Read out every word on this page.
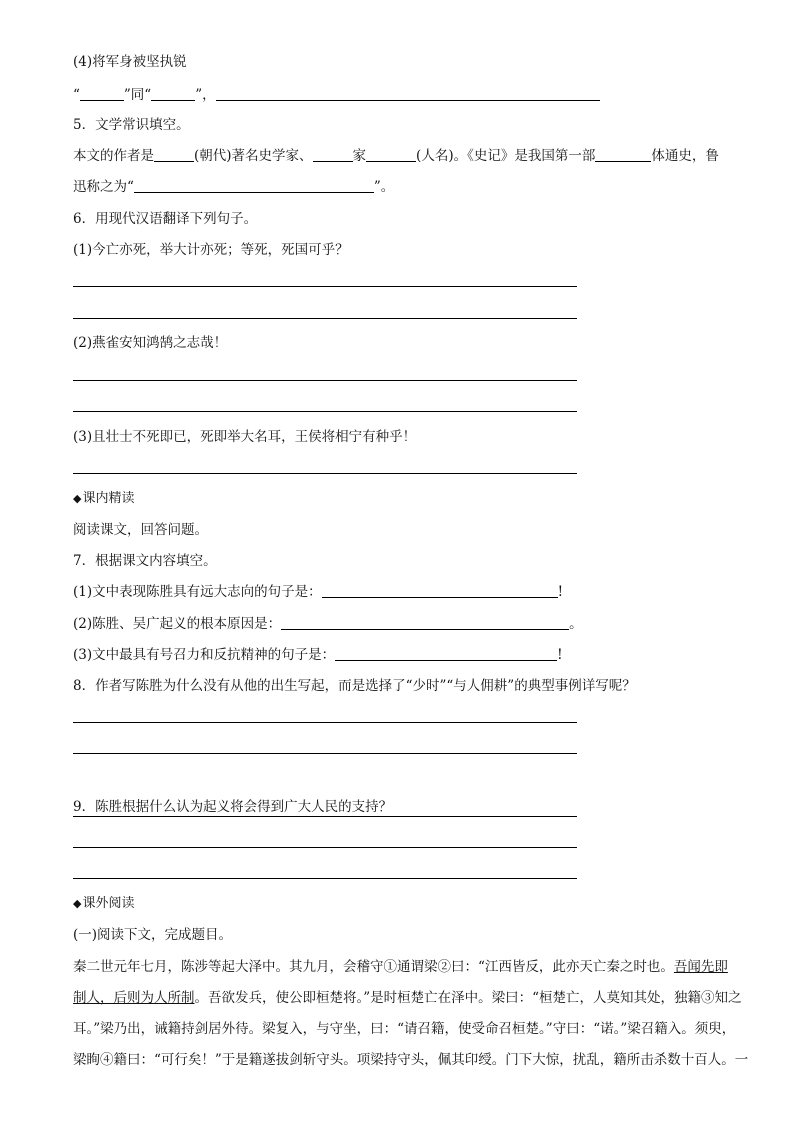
(4)将军身被坚执锐
“	”同“	”，
5．文学常识填空。
本文的作者是	(朝代)著名史学家、	家	(人名)。《史记》是我国第一部	体通史，鲁
迅称之为“	”。
6．用现代汉语翻译下列句子。
(1)今亡亦死，举大计亦死；等死，死国可乎？
(2)燕雀安知鸿鹄之志哉！
(3)且壮士不死即已，死即举大名耳，王侯将相宁有种乎！
◆课内精读
阅读课文，回答问题。
7．根据课文内容填空。
(1)文中表现陈胜具有远大志向的句子是：	!
(2)陈胜、吴广起义的根本原因是：	。
(3)文中最具有号召力和反抗精神的句子是：	!
8．作者写陈胜为什么没有从他的出生写起，而是选择了“少时”“与人佣耕”的典型事例详写呢？
9．陈胜根据什么认为起义将会得到广大人民的支持？
◆课外阅读
(一)阅读下文，完成题目。
秦二世元年七月，陈涉等起大泽中。其九月，会稽守①通谓梁②曰：“江西皆反，此亦天亡秦之时也。吾闻先即
制人，后则为人所制。吾欲发兵，使公即桓楚将。”是时桓楚亡在泽中。梁曰：“桓楚亡，人莫知其处，独籍③知之
耳。”梁乃出，诫籍持剑居外待。梁复入，与守坐，曰：“请召籍，使受命召桓楚。”守曰：“诺。”梁召籍入。须臾，
梁眴④籍曰：“可行矣！”于是籍遂拔剑斩守头。项梁持守头，佩其印绶。门下大惊，扰乱，籍所击杀数十百人。一
